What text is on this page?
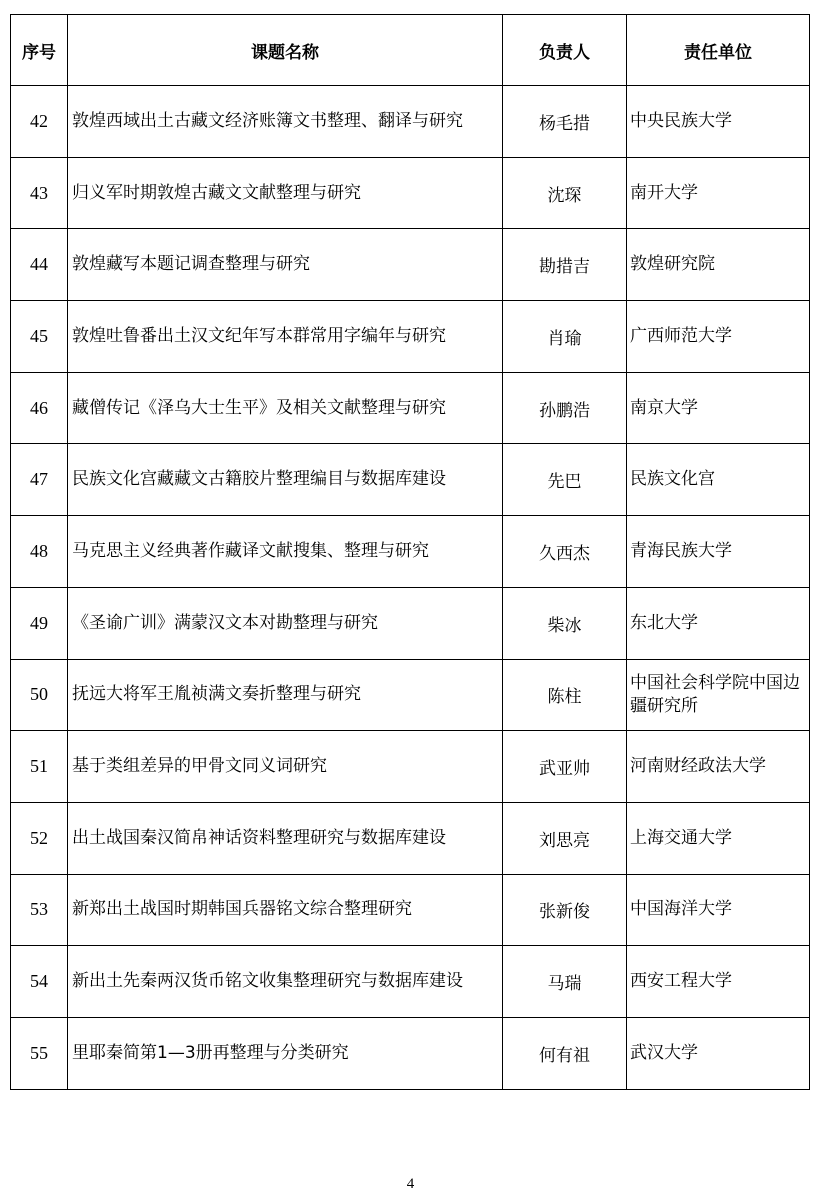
序号	课题名称	负责人	责任单位
42	敦煌西域出土古藏文经济账簿文书整理、翻译与研究	杨毛措	中央民族大学
43	归义军时期敦煌古藏文文献整理与研究	沈琛	南开大学
44	敦煌藏写本题记调查整理与研究	勘措吉	敦煌研究院
45	敦煌吐鲁番出土汉文纪年写本群常用字编年与研究	肖瑜	广西师范大学
46	藏僧传记《泽乌大士生平》及相关文献整理与研究	孙鹏浩	南京大学
47	民族文化宫藏藏文古籍胶片整理编目与数据库建设	先巴	民族文化宫
48	马克思主义经典著作藏译文献搜集、整理与研究	久西杰	青海民族大学
49	《圣谕广训》满蒙汉文本对勘整理与研究	柴冰	东北大学
50	抚远大将军王胤祯满文奏折整理与研究	陈柱	中国社会科学院中国边疆研究所
51	基于类组差异的甲骨文同义词研究	武亚帅	河南财经政法大学
52	出土战国秦汉简帛神话资料整理研究与数据库建设	刘思亮	上海交通大学
53	新郑出土战国时期韩国兵器铭文综合整理研究	张新俊	中国海洋大学
54	新出土先秦两汉货币铭文收集整理研究与数据库建设	马瑞	西安工程大学
55	里耶秦简第1—3册再整理与分类研究	何有祖	武汉大学
4
